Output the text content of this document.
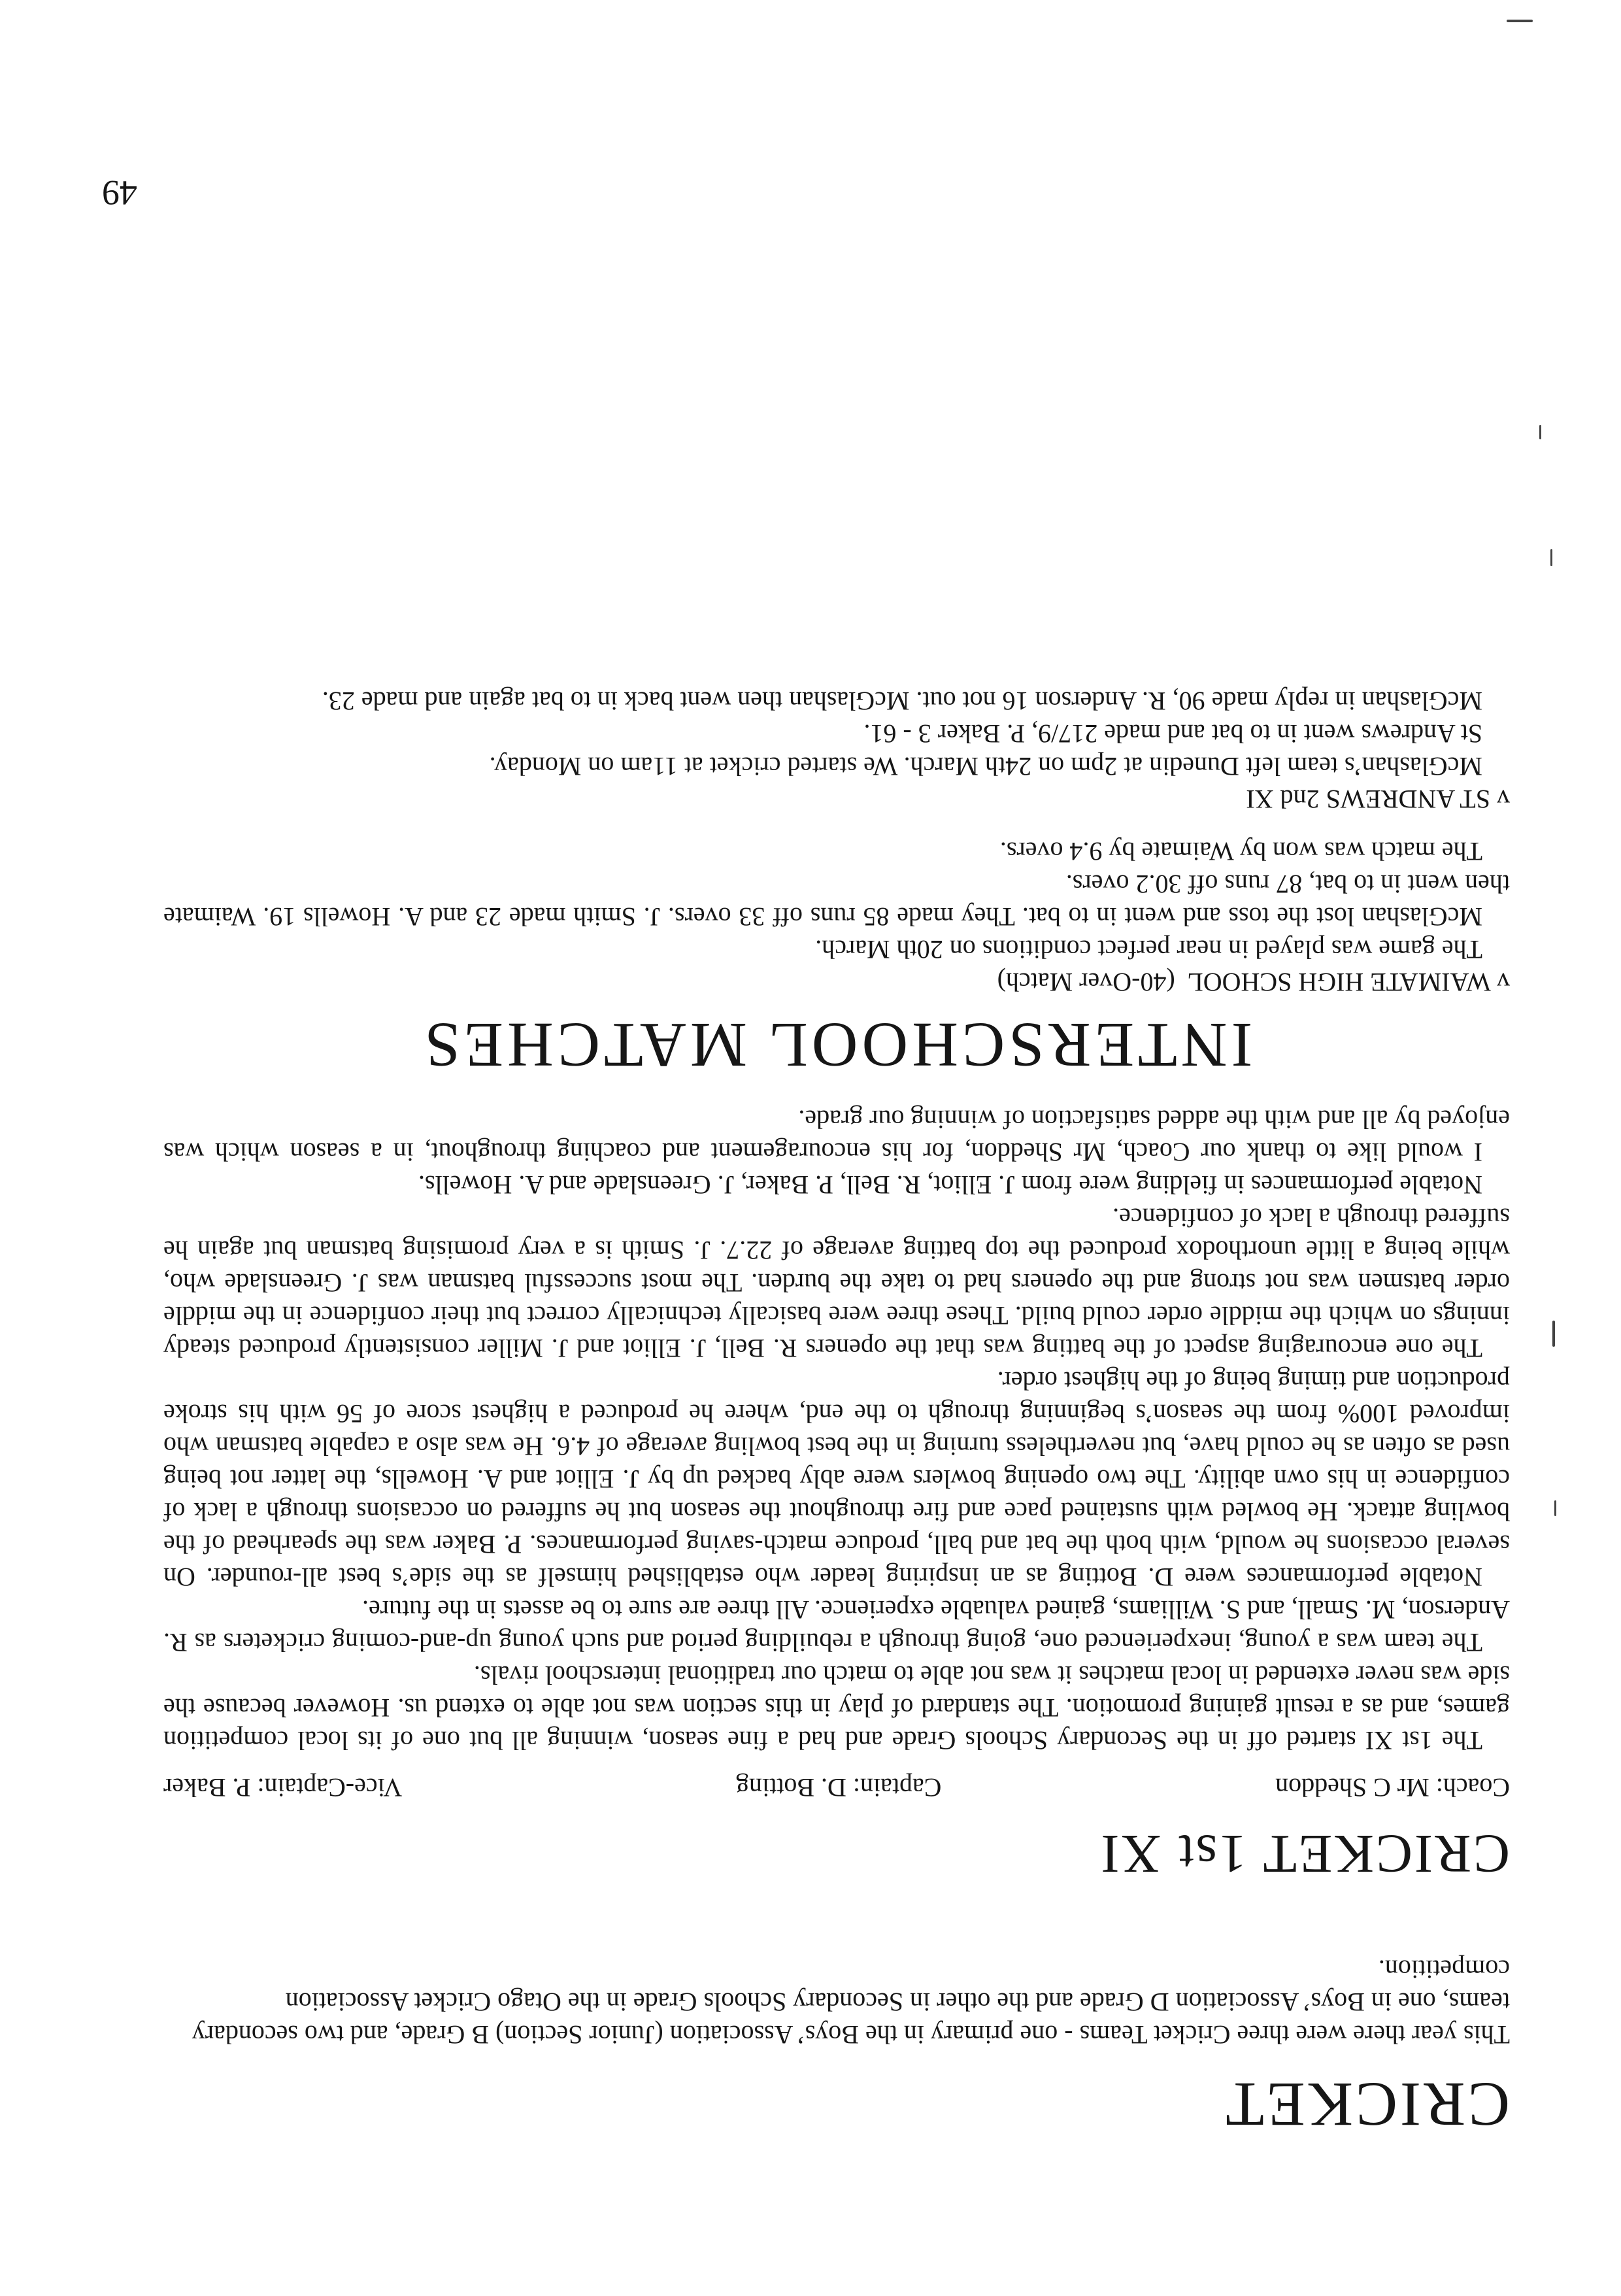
CRICKET

This year there were three Cricket Teams - one primary in the Boys’ Association (Junior Section) B Grade, and two secondary teams, one in Boys’ Association D Grade and the other in Secondary Schools Grade in the Otago Cricket Association competition.

CRICKET 1st XI
Coach: Mr C Sheddon
Captain: D. Botting
Vice-Captain: P. Baker

The 1st XI started off in the Secondary Schools Grade and had a fine season, winning all but one of its local competition games, and as a result gaining promotion. The standard of play in this section was not able to extend us. However because the side was never extended in local matches it was not able to match our traditional interschool rivals.

The team was a young, inexperienced one, going through a rebuilding period and such young up-and-coming cricketers as R. Anderson, M. Small, and S. Williams, gained valuable experience. All three are sure to be assets in the future.

Notable performances were D. Botting as an inspiring leader who established himself as the side’s best all-rounder. On several occasions he would, with both the bat and ball, produce match-saving performances. P. Baker was the spearhead of the bowling attack. He bowled with sustained pace and fire throughout the season but he suffered on occasions through a lack of confidence in his own ability. The two opening bowlers were ably backed up by J. Elliot and A. Howells, the latter not being used as often as he could have, but nevertheless turning in the best bowling average of 4.6. He was also a capable batsman who improved 100% from the season’s beginning through to the end, where he produced a highest score of 56 with his stroke production and timing being of the highest order.

The one encouraging aspect of the batting was that the openers R. Bell, J. Elliot and J. Miller consistently produced steady innings on which the middle order could build. These three were basically technically correct but their confidence in the middle order batsmen was not strong and the openers had to take the burden. The most successful batsman was J. Greenslade who, while being a little unorthodox produced the top batting average of 22.7. J. Smith is a very promising batsman but again he suffered through a lack of confidence.

Notable performances in fielding were from J. Elliot, R. Bell, P. Baker, J. Greenslade and A. Howells.

I would like to thank our Coach, Mr Sheddon, for his encouragement and coaching throughout, in a season which was enjoyed by all and with the added satisfaction of winning our grade.

INTERSCHOOL MATCHES

v WAIMATE HIGH SCHOOL  (40-Over Match)

The game was played in near perfect conditions on 20th March.

McGlashan lost the toss and went in to bat. They made 85 runs off 33 overs. J. Smith made 23 and A. Howells 19. Waimate then went in to bat, 87 runs off 30.2 overs.

The match was won by Waimate by 9.4 overs.

v ST ANDREWS 2nd XI

McGlashan’s team left Dunedin at 2pm on 24th March. We started cricket at 11am on Monday.

St Andrews went in to bat and made 217/9, P. Baker 3 - 61.

McGlashan in reply made 90, R. Anderson 16 not out. McGlashan then went back in to bat again and made 23.

49
